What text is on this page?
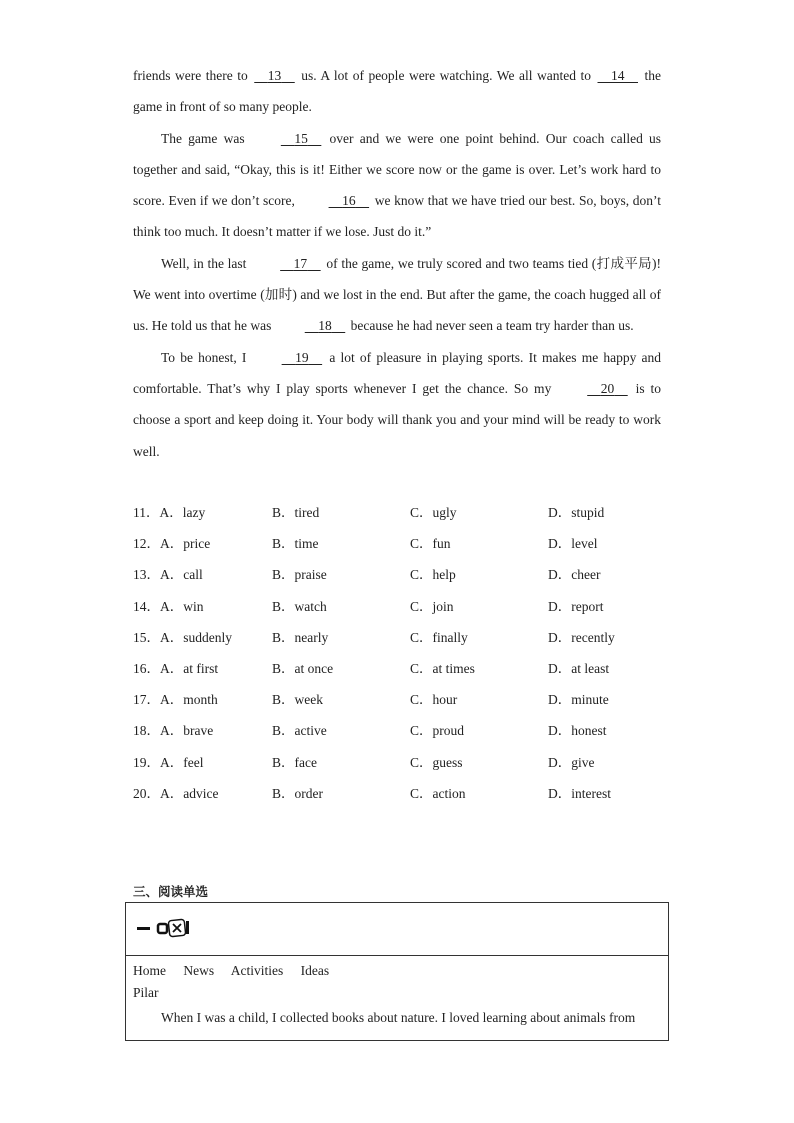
friends were there to 13 us. A lot of people were watching. We all wanted to 14 the game in front of so many people.

The game was	15 over and we were one point behind. Our coach called us together and said, “Okay, this is it! Either we score now or the game is over. Let’s work hard to score. Even if we don’t score,	16 we know that we have tried our best. So, boys, don’t think too much. It doesn’t matter if we lose. Just do it.”

Well, in the last	17 of the game, we truly scored and two teams tied (打成平局)! We went into overtime (加时) and we lost in the end. But after the game, the coach hugged all of us. He told us that he was	18 because he had never seen a team try harder than us.

To be honest, I	19 a lot of pleasure in playing sports. It makes me happy and comfortable. That’s why I play sports whenever I get the chance. So my	20 is to choose a sport and keep doing it. Your body will thank you and your mind will be ready to work well.

11．A．lazy	B．tired	C．ugly	D．stupid
12．A．price	B．time	C．fun	D．level
13．A．call	B．praise	C．help	D．cheer
14．A．win	B．watch	C．join	D．report
15．A．suddenly	B．nearly	C．finally	D．recently
16．A．at first	B．at once	C．at times	D．at least
17．A．month	B．week	C．hour	D．minute
18．A．brave	B．active	C．proud	D．honest
19．A．feel	B．face	C．guess	D．give
20．A．advice	B．order	C．action	D．interest
三、阅读单选
Home News Activities Ideas
Pilar
When I was a child, I collected books about nature. I loved learning about animals from
